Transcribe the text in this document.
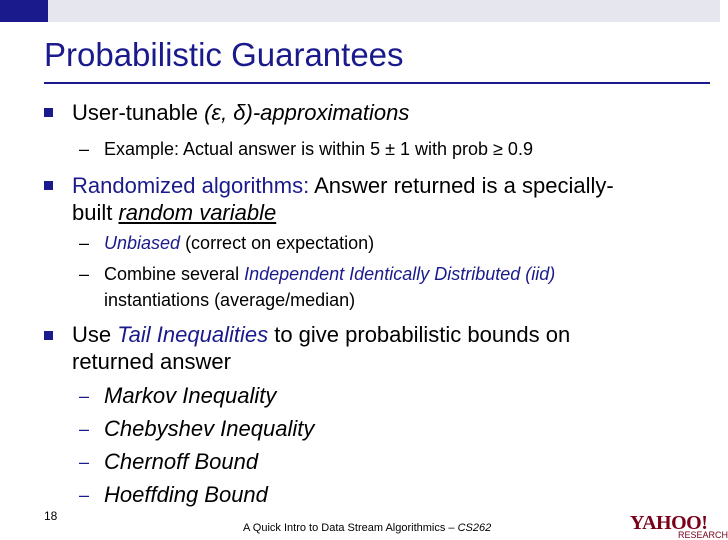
Probabilistic Guarantees
User-tunable (ε, δ)-approximations
– Example: Actual answer is within 5 ± 1 with prob ≥ 0.9
Randomized algorithms: Answer returned is a specially-
built random variable
– Unbiased (correct on expectation)
– Combine several Independent Identically Distributed (iid)
instantiations (average/median)
Use Tail Inequalities to give probabilistic bounds on
returned answer
– Markov Inequality
– Chebyshev Inequality
– Chernoff Bound
– Hoeffding Bound
18
A Quick Intro to Data Stream Algorithmics – CS262	YAHOO!
RESEARCH
